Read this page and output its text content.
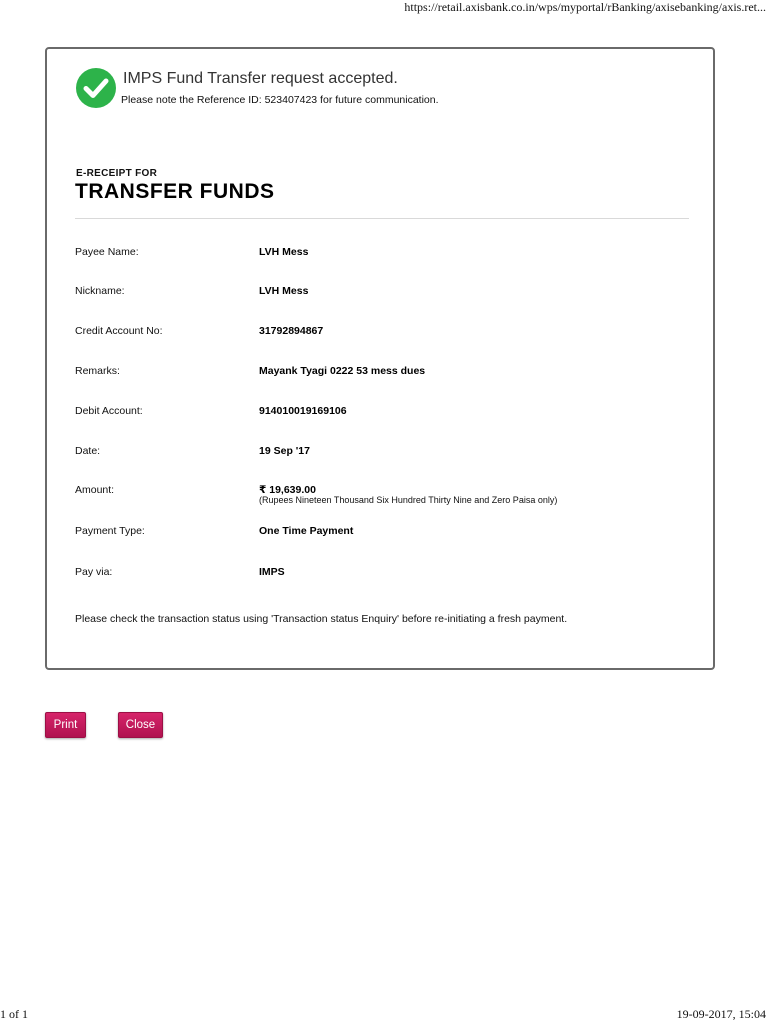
https://retail.axisbank.co.in/wps/myportal/rBanking/axisebanking/axis.ret...
IMPS Fund Transfer request accepted.
Please note the Reference ID: 523407423 for future communication.
E-RECEIPT FOR
TRANSFER FUNDS
Payee Name:	LVH Mess
Nickname:	LVH Mess
Credit Account No:	31792894867
Remarks:	Mayank Tyagi 0222 53 mess dues
Debit Account:	914010019169106
Date:	19 Sep '17
Amount:	₹ 19,639.00
(Rupees Nineteen Thousand Six Hundred Thirty Nine and Zero Paisa only)
Payment Type:	One Time Payment
Pay via:	IMPS
Please check the transaction status using 'Transaction status Enquiry' before re-initiating a fresh payment.
Print	Close
1 of 1	19-09-2017, 15:04
